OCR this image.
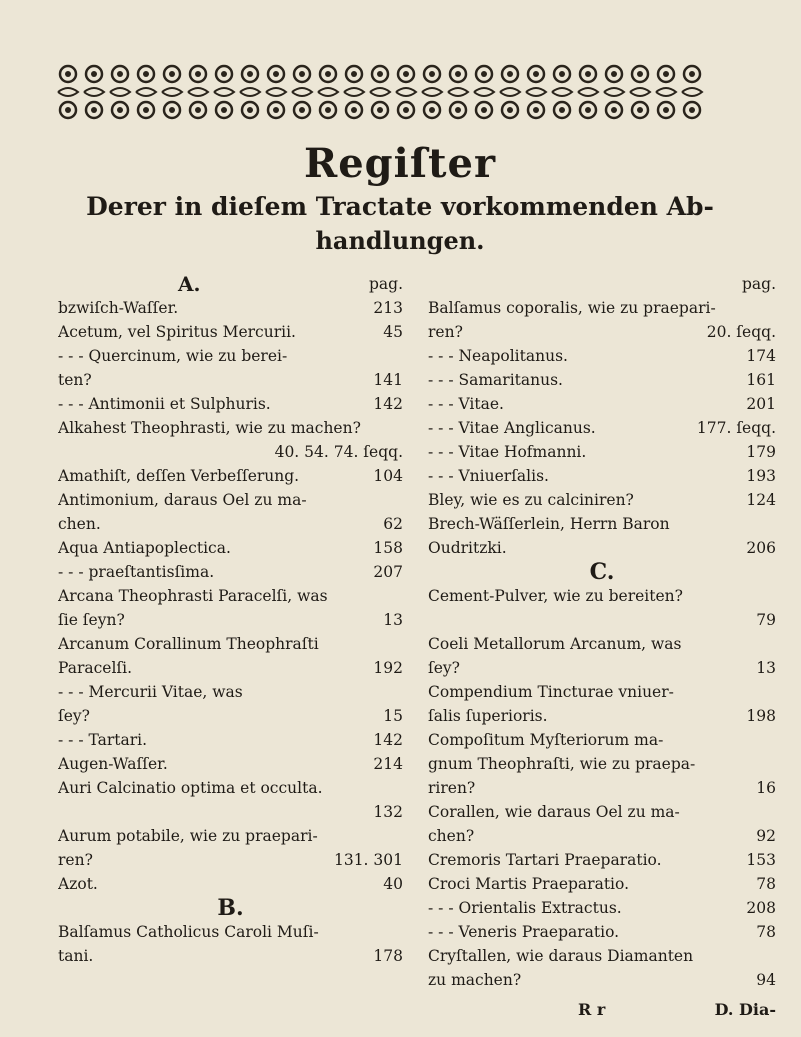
Regiſter
Derer in dieſem Tractate vorkommenden Ab-
handlungen.
A.	pag.
bzwiſch-Waſſer.	213
Acetum, vel Spiritus Mercurii.	45
- - - Quercinum, wie zu berei-
ten?	141
- - - Antimonii et Sulphuris.	142
Alkahest Theophrasti, wie zu machen?
40. 54. 74. ſeqq.
Amathiſt, deſſen Verbeſſerung.	104
Antimonium, daraus Oel zu ma-
chen.	62
Aqua Antiapoplectica.	158
- - - praeſtantisſima.	207
Arcana Theophrasti Paracelſi, was
ſie ſeyn?	13
Arcanum Corallinum Theophraſti
Paracelſi.	192
- - - Mercurii Vitae, was
ſey?	15
- - - Tartari.	142
Augen-Waſſer.	214
Auri Calcinatio optima et occulta.
132
Aurum potabile, wie zu praepari-
ren?	131. 301
Azot.	40
B.
Balſamus Catholicus Caroli Muſi-
tani.	178
pag.
Balſamus coporalis, wie zu praepari-
ren?	20. ſeqq.
- - - Neapolitanus.	174
- - - Samaritanus.	161
- - - Vitae.	201
- - - Vitae Anglicanus.	177. ſeqq.
- - - Vitae Hofmanni.	179
- - - Vniuerſalis.	193
Bley, wie es zu calciniren?	124
Brech-Wäſſerlein, Herrn Baron
Oudritzki.	206
C.
Cement-Pulver, wie zu bereiten?
79
Coeli Metallorum Arcanum, was
ſey?	13
Compendium Tincturae vniuer-
ſalis ſuperioris.	198
Compoſitum Myſteriorum ma-
gnum Theophraſti, wie zu praepa-
riren?	16
Corallen, wie daraus Oel zu ma-
chen?	92
Cremoris Tartari Praeparatio.	153
Croci Martis Praeparatio.	78
- - - Orientalis Extractus.	208
- - - Veneris Praeparatio.	78
Cryſtallen, wie daraus Diamanten
zu machen?	94
R r	D. Dia-
